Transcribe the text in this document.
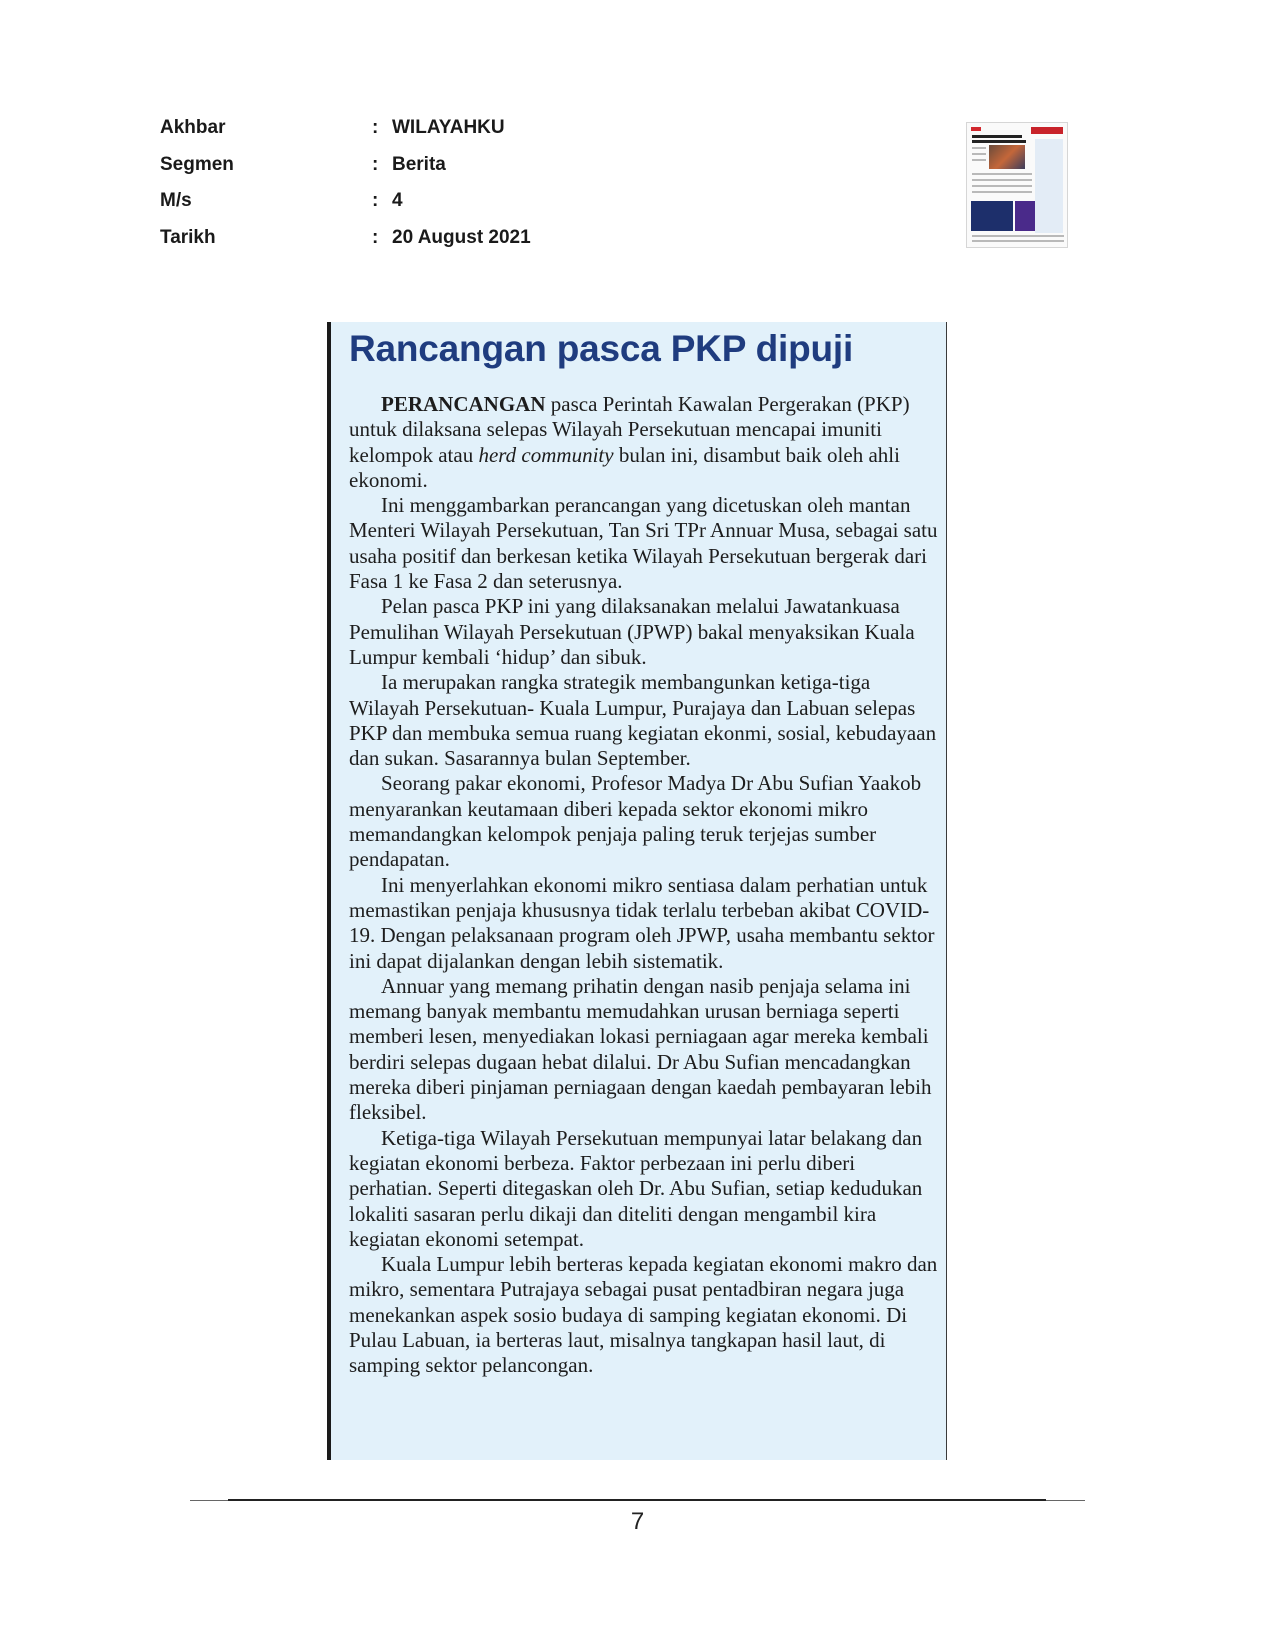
Akhbar	: WILAYAHKU
Segmen	: Berita
M/s	: 4
Tarikh	: 20 August 2021
Rancangan pasca PKP dipuji

PERANCANGAN pasca Perintah Kawalan Pergerakan (PKP) untuk dilaksana selepas Wilayah Persekutuan mencapai imuniti kelompok atau herd community bulan ini, disambut baik oleh ahli ekonomi.

Ini menggambarkan perancangan yang dicetuskan oleh mantan Menteri Wilayah Persekutuan, Tan Sri TPr Annuar Musa, sebagai satu usaha positif dan berkesan ketika Wilayah Persekutuan bergerak dari Fasa 1 ke Fasa 2 dan seterusnya.

Pelan pasca PKP ini yang dilaksanakan melalui Jawatankuasa Pemulihan Wilayah Persekutuan (JPWP) bakal menyaksikan Kuala Lumpur kembali ‘hidup’ dan sibuk.

Ia merupakan rangka strategik membangunkan ketiga-tiga Wilayah Persekutuan- Kuala Lumpur, Purajaya dan Labuan selepas PKP dan membuka semua ruang kegiatan ekonmi, sosial, kebudayaan dan sukan. Sasarannya bulan September.

Seorang pakar ekonomi, Profesor Madya Dr Abu Sufian Yaakob menyarankan keutamaan diberi kepada sektor ekonomi mikro memandangkan kelompok penjaja paling teruk terjejas sumber pendapatan.

Ini menyerlahkan ekonomi mikro sentiasa dalam perhatian untuk memastikan penjaja khususnya tidak terlalu terbeban akibat COVID-19. Dengan pelaksanaan program oleh JPWP, usaha membantu sektor ini dapat dijalankan dengan lebih sistematik.

Annuar yang memang prihatin dengan nasib penjaja selama ini memang banyak membantu memudahkan urusan berniaga seperti memberi lesen, menyediakan lokasi perniagaan agar mereka kembali berdiri selepas dugaan hebat dilalui. Dr Abu Sufian mencadangkan mereka diberi pinjaman perniagaan dengan kaedah pembayaran lebih fleksibel.

Ketiga-tiga Wilayah Persekutuan mempunyai latar belakang dan kegiatan ekonomi berbeza. Faktor perbezaan ini perlu diberi perhatian. Seperti ditegaskan oleh Dr. Abu Sufian, setiap kedudukan lokaliti sasaran perlu dikaji dan diteliti dengan mengambil kira kegiatan ekonomi setempat.

Kuala Lumpur lebih berteras kepada kegiatan ekonomi makro dan mikro, sementara Putrajaya sebagai pusat pentadbiran negara juga menekankan aspek sosio budaya di samping kegiatan ekonomi. Di Pulau Labuan, ia berteras laut, misalnya tangkapan hasil laut, di samping sektor pelancongan.

7
